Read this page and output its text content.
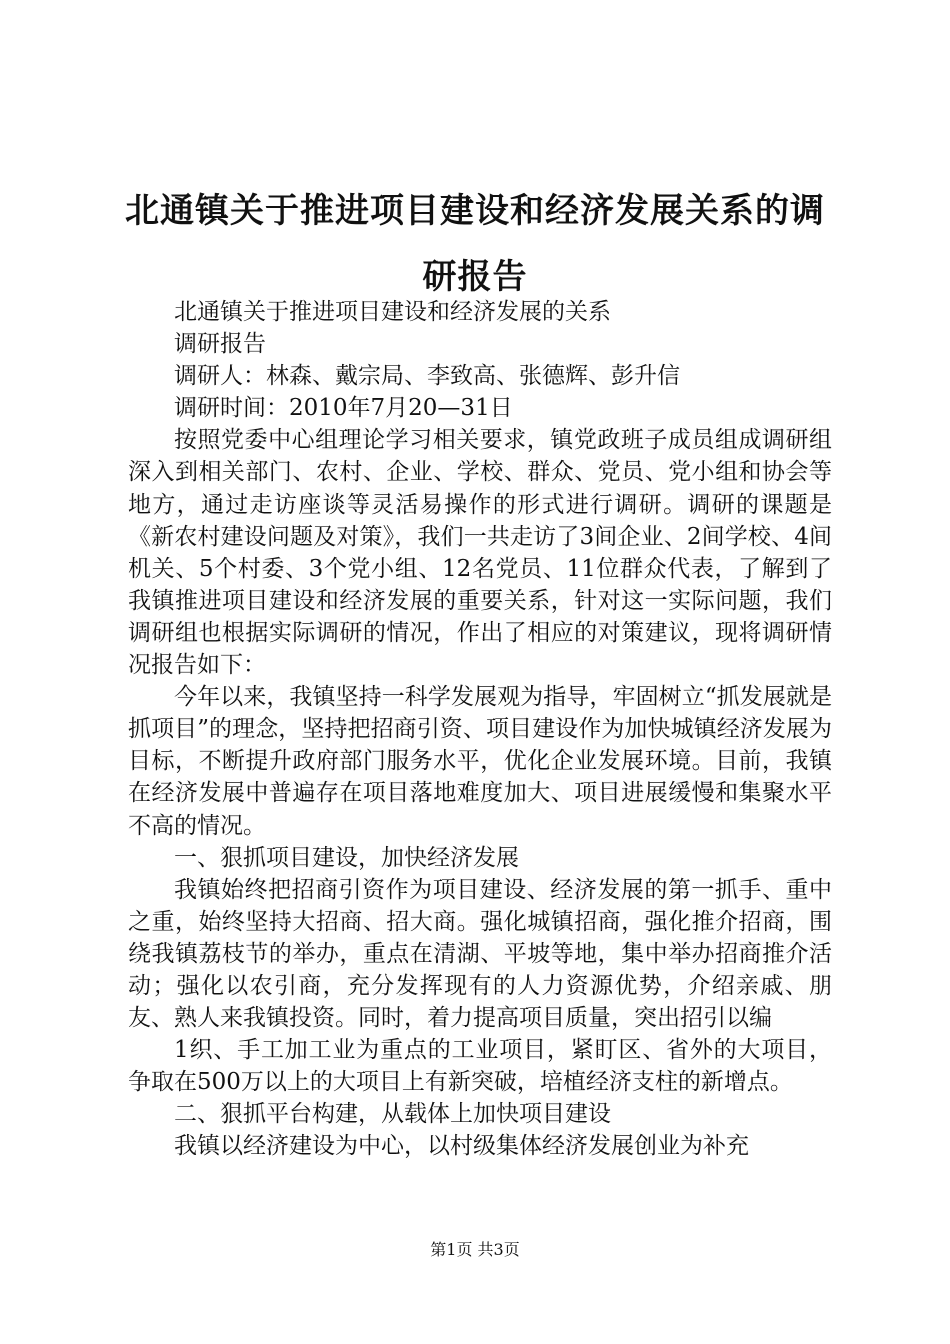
北通镇关于推进项目建设和经济发展关系的调研报告

北通镇关于推进项目建设和经济发展的关系

调研报告

调研人：林森、戴宗局、李致高、张德辉、彭升信

调研时间：2010年7月20—31日

按照党委中心组理论学习相关要求，镇党政班子成员组成调研组深入到相关部门、农村、企业、学校、群众、党员、党小组和协会等地方，通过走访座谈等灵活易操作的形式进行调研。调研的课题是《新农村建设问题及对策》，我们一共走访了3间企业、2间学校、4间机关、5个村委、3个党小组、12名党员、11位群众代表，了解到了我镇推进项目建设和经济发展的重要关系，针对这一实际问题，我们调研组也根据实际调研的情况，作出了相应的对策建议，现将调研情况报告如下：

今年以来，我镇坚持一科学发展观为指导，牢固树立“抓发展就是抓项目”的理念，坚持把招商引资、项目建设作为加快城镇经济发展为目标，不断提升政府部门服务水平，优化企业发展环境。目前，我镇在经济发展中普遍存在项目落地难度加大、项目进展缓慢和集聚水平不高的情况。

一、狠抓项目建设，加快经济发展

我镇始终把招商引资作为项目建设、经济发展的第一抓手、重中之重，始终坚持大招商、招大商。强化城镇招商，强化推介招商，围绕我镇荔枝节的举办，重点在清湖、平坡等地，集中举办招商推介活动；强化以农引商，充分发挥现有的人力资源优势，介绍亲戚、朋友、熟人来我镇投资。同时，着力提高项目质量，突出招引以编

1织、手工加工业为重点的工业项目，紧盯区、省外的大项目，争取在500万以上的大项目上有新突破，培植经济支柱的新增点。

二、狠抓平台构建，从载体上加快项目建设

我镇以经济建设为中心，以村级集体经济发展创业为补充

第1页 共3页
